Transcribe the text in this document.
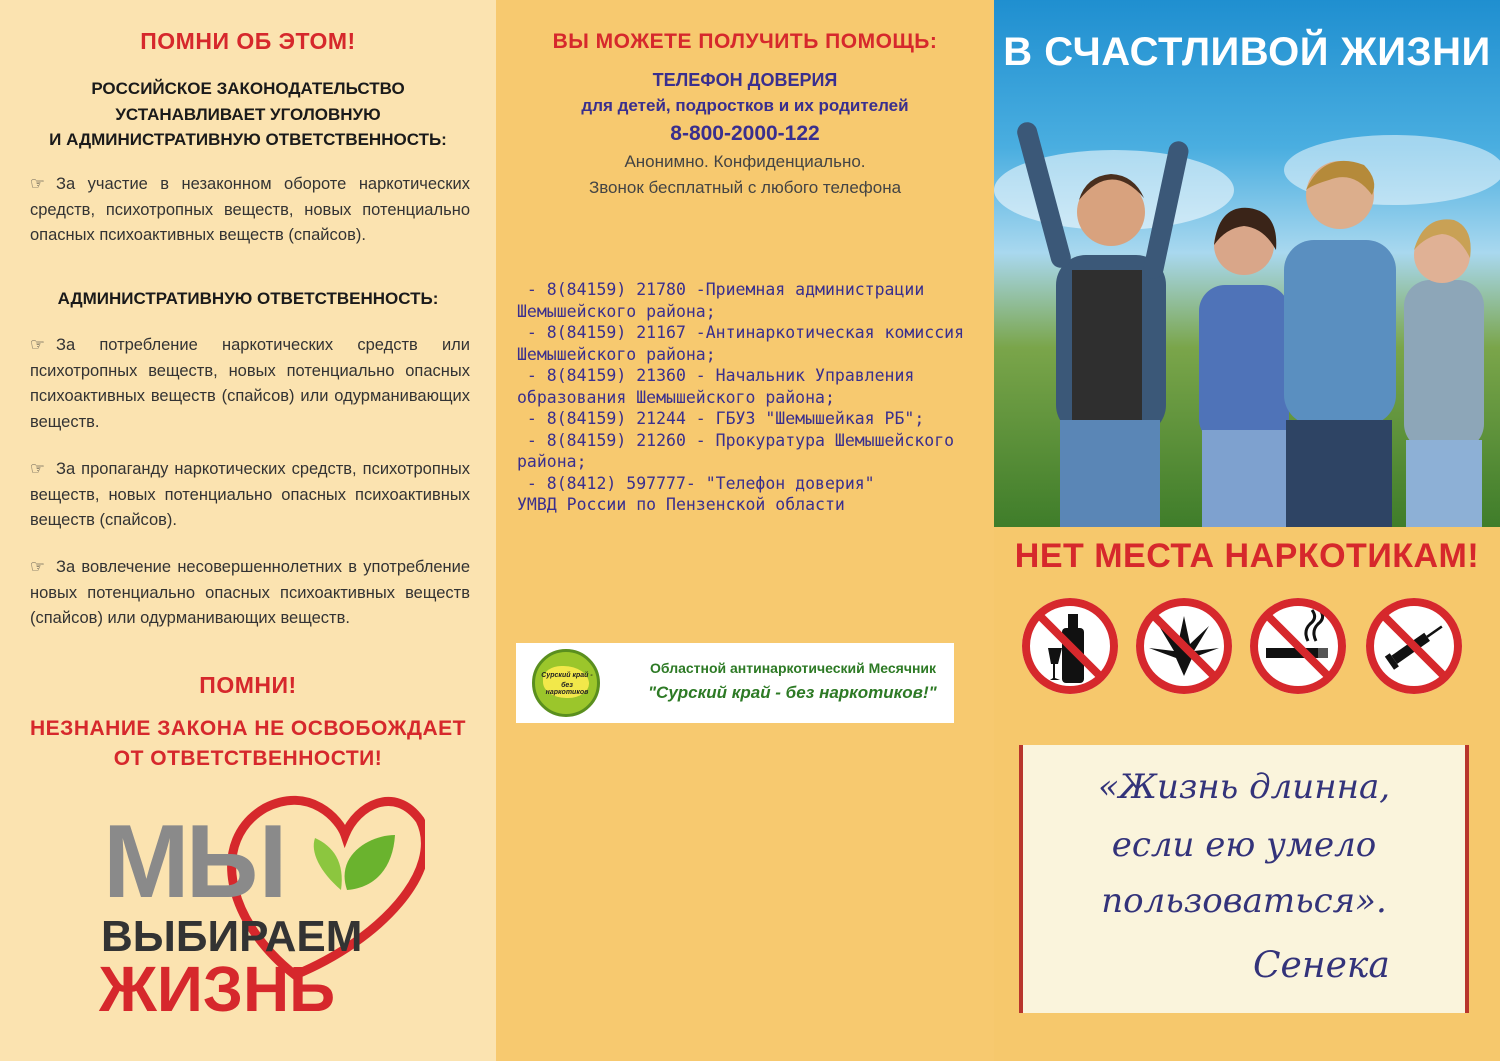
ПОМНИ ОБ ЭТОМ!
РОССИЙСКОЕ ЗАКОНОДАТЕЛЬСТВО
УСТАНАВЛИВАЕТ УГОЛОВНУЮ
И АДМИНИСТРАТИВНУЮ ОТВЕТСТВЕННОСТЬ:
☞ За участие в незаконном обороте наркотических средств, психотропных веществ, новых потенциально опасных психоактивных веществ (спайсов).
АДМИНИСТРАТИВНУЮ ОТВЕТСТВЕННОСТЬ:
☞ За потребление наркотических средств или психотропных веществ, новых потенциально опасных психоактивных веществ (спайсов) или одурманивающих веществ.
☞ За пропаганду наркотических средств, психотропных веществ, новых потенциально опасных психоактивных веществ (спайсов).
☞ За вовлечение несовершеннолетних в употребление новых потенциально опасных психоактивных веществ (спайсов) или одурманивающих веществ.
ПОМНИ!
НЕЗНАНИЕ ЗАКОНА НЕ ОСВОБОЖДАЕТ
ОТ ОТВЕТСТВЕННОСТИ!
МЫ
ВЫБИРАЕМ
ЖИЗНЬ
ВЫ МОЖЕТЕ ПОЛУЧИТЬ ПОМОЩЬ:
ТЕЛЕФОН ДОВЕРИЯ
для детей, подростков и их родителей
8-800-2000-122
Анонимно. Конфиденциально.
Звонок бесплатный с любого телефона
- 8(84159) 21780 -Приемная администрации
Шемышейского района;
- 8(84159) 21167 -Антинаркотическая комиссия
Шемышейского района;
- 8(84159) 21360 - Начальник Управления
образования Шемышейского района;
- 8(84159) 21244 - ГБУЗ "Шемышейкая РБ";
- 8(84159) 21260 - Прокуратура Шемышейского
района;
- 8(8412) 597777- "Телефон доверия"
УМВД России по Пензенской области
Сурский край -
без наркотиков
Областной антинаркотический Месячник
"Сурский край - без наркотиков!"
В СЧАСТЛИВОЙ ЖИЗНИ
НЕТ МЕСТА НАРКОТИКАМ!
«Жизнь длинна,
если ею умело
пользоваться».
Сенека
